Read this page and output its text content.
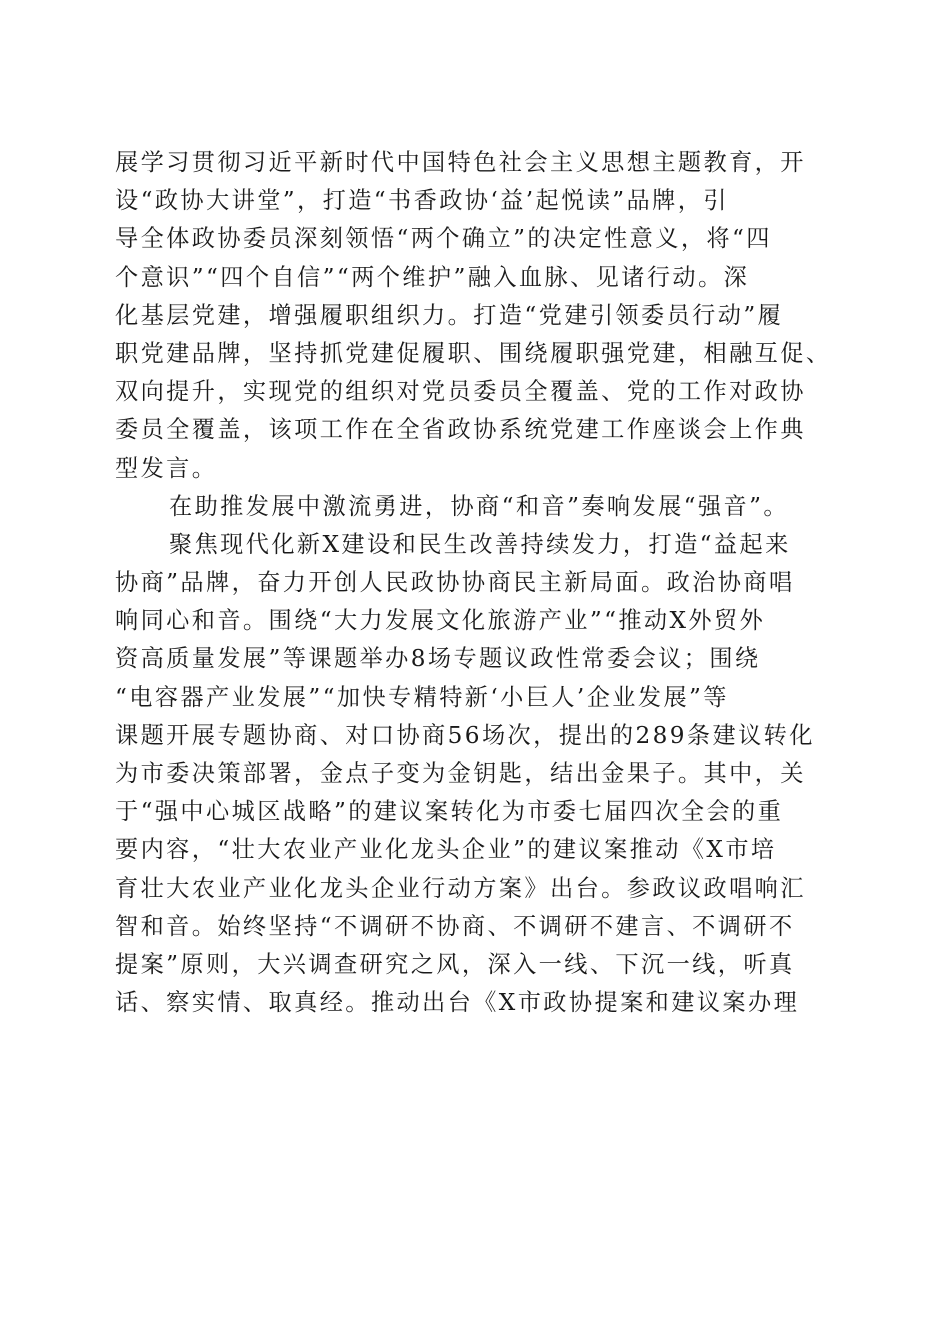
展学习贯彻习近平新时代中国特色社会主义思想主题教育，开
设“政协大讲堂”，打造“书香政协‘益’起悦读”品牌，引
导全体政协委员深刻领悟“两个确立”的决定性意义，将“四
个意识”“四个自信”“两个维护”融入血脉、见诸行动。深
化基层党建，增强履职组织力。打造“党建引领委员行动”履
职党建品牌，坚持抓党建促履职、围绕履职强党建，相融互促、
双向提升，实现党的组织对党员委员全覆盖、党的工作对政协
委员全覆盖，该项工作在全省政协系统党建工作座谈会上作典
型发言。
在助推发展中激流勇进，协商“和音”奏响发展“强音”。
聚焦现代化新X建设和民生改善持续发力，打造“益起来
协商”品牌，奋力开创人民政协协商民主新局面。政治协商唱
响同心和音。围绕“大力发展文化旅游产业”“推动X外贸外
资高质量发展”等课题举办8场专题议政性常委会议；围绕
“电容器产业发展”“加快专精特新‘小巨人’企业发展”等
课题开展专题协商、对口协商56场次，提出的289条建议转化
为市委决策部署，金点子变为金钥匙，结出金果子。其中，关
于“强中心城区战略”的建议案转化为市委七届四次全会的重
要内容，“壮大农业产业化龙头企业”的建议案推动《X市培
育壮大农业产业化龙头企业行动方案》出台。参政议政唱响汇
智和音。始终坚持“不调研不协商、不调研不建言、不调研不
提案”原则，大兴调查研究之风，深入一线、下沉一线，听真
话、察实情、取真经。推动出台《X市政协提案和建议案办理
